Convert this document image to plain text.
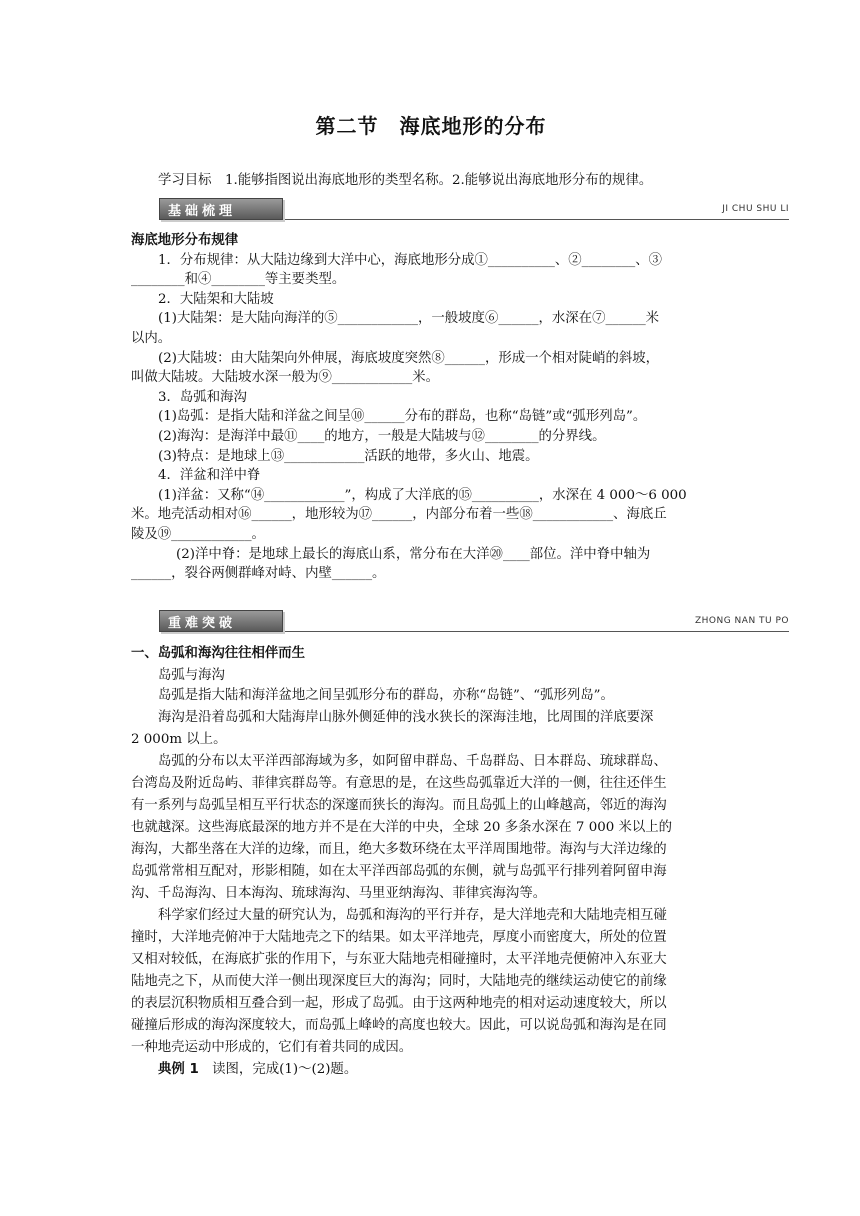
第二节　海底地形的分布
学习目标　1.能够指图说出海底地形的类型名称。2.能够说出海底地形分布的规律。
基础梳理	JI CHU SHU LI
海底地形分布规律
1．分布规律：从大陆边缘到大洋中心，海底地形分成①__________、②________、③
________和④________等主要类型。
2．大陆架和大陆坡
(1)大陆架：是大陆向海洋的⑤____________，一般坡度⑥______，水深在⑦______米
以内。
(2)大陆坡：由大陆架向外伸展，海底坡度突然⑧______，形成一个相对陡峭的斜坡，
叫做大陆坡。大陆坡水深一般为⑨____________米。
3．岛弧和海沟
(1)岛弧：是指大陆和洋盆之间呈⑩______分布的群岛，也称“岛链”或“弧形列岛”。
(2)海沟：是海洋中最⑪____的地方，一般是大陆坡与⑫________的分界线。
(3)特点：是地球上⑬____________活跃的地带，多火山、地震。
4．洋盆和洋中脊
(1)洋盆：又称“⑭____________”，构成了大洋底的⑮__________，水深在 4 000～6 000
米。地壳活动相对⑯______，地形较为⑰______，内部分布着一些⑱____________、海底丘
陵及⑲____________。
(2)洋中脊：是地球上最长的海底山系，常分布在大洋⑳____部位。洋中脊中轴为
______，裂谷两侧群峰对峙、内壁______。
重难突破	ZHONG NAN TU PO
一、岛弧和海沟往往相伴而生
岛弧与海沟
岛弧是指大陆和海洋盆地之间呈弧形分布的群岛，亦称“岛链”、“弧形列岛”。
海沟是沿着岛弧和大陆海岸山脉外侧延伸的浅水狭长的深海洼地，比周围的洋底要深
2 000m 以上。
岛弧的分布以太平洋西部海域为多，如阿留申群岛、千岛群岛、日本群岛、琉球群岛、
台湾岛及附近岛屿、菲律宾群岛等。有意思的是，在这些岛弧靠近大洋的一侧，往往还伴生
有一系列与岛弧呈相互平行状态的深邃而狭长的海沟。而且岛弧上的山峰越高，邻近的海沟
也就越深。这些海底最深的地方并不是在大洋的中央，全球 20 多条水深在 7 000 米以上的
海沟，大都坐落在大洋的边缘，而且，绝大多数环绕在太平洋周围地带。海沟与大洋边缘的
岛弧常常相互配对，形影相随，如在太平洋西部岛弧的东侧，就与岛弧平行排列着阿留申海
沟、千岛海沟、日本海沟、琉球海沟、马里亚纳海沟、菲律宾海沟等。
科学家们经过大量的研究认为，岛弧和海沟的平行并存，是大洋地壳和大陆地壳相互碰
撞时，大洋地壳俯冲于大陆地壳之下的结果。如太平洋地壳，厚度小而密度大，所处的位置
又相对较低，在海底扩张的作用下，与东亚大陆地壳相碰撞时，太平洋地壳便俯冲入东亚大
陆地壳之下，从而使大洋一侧出现深度巨大的海沟；同时，大陆地壳的继续运动使它的前缘
的表层沉积物质相互叠合到一起，形成了岛弧。由于这两种地壳的相对运动速度较大，所以
碰撞后形成的海沟深度较大，而岛弧上峰岭的高度也较大。因此，可以说岛弧和海沟是在同
一种地壳运动中形成的，它们有着共同的成因。
典例 1　读图，完成(1)～(2)题。
